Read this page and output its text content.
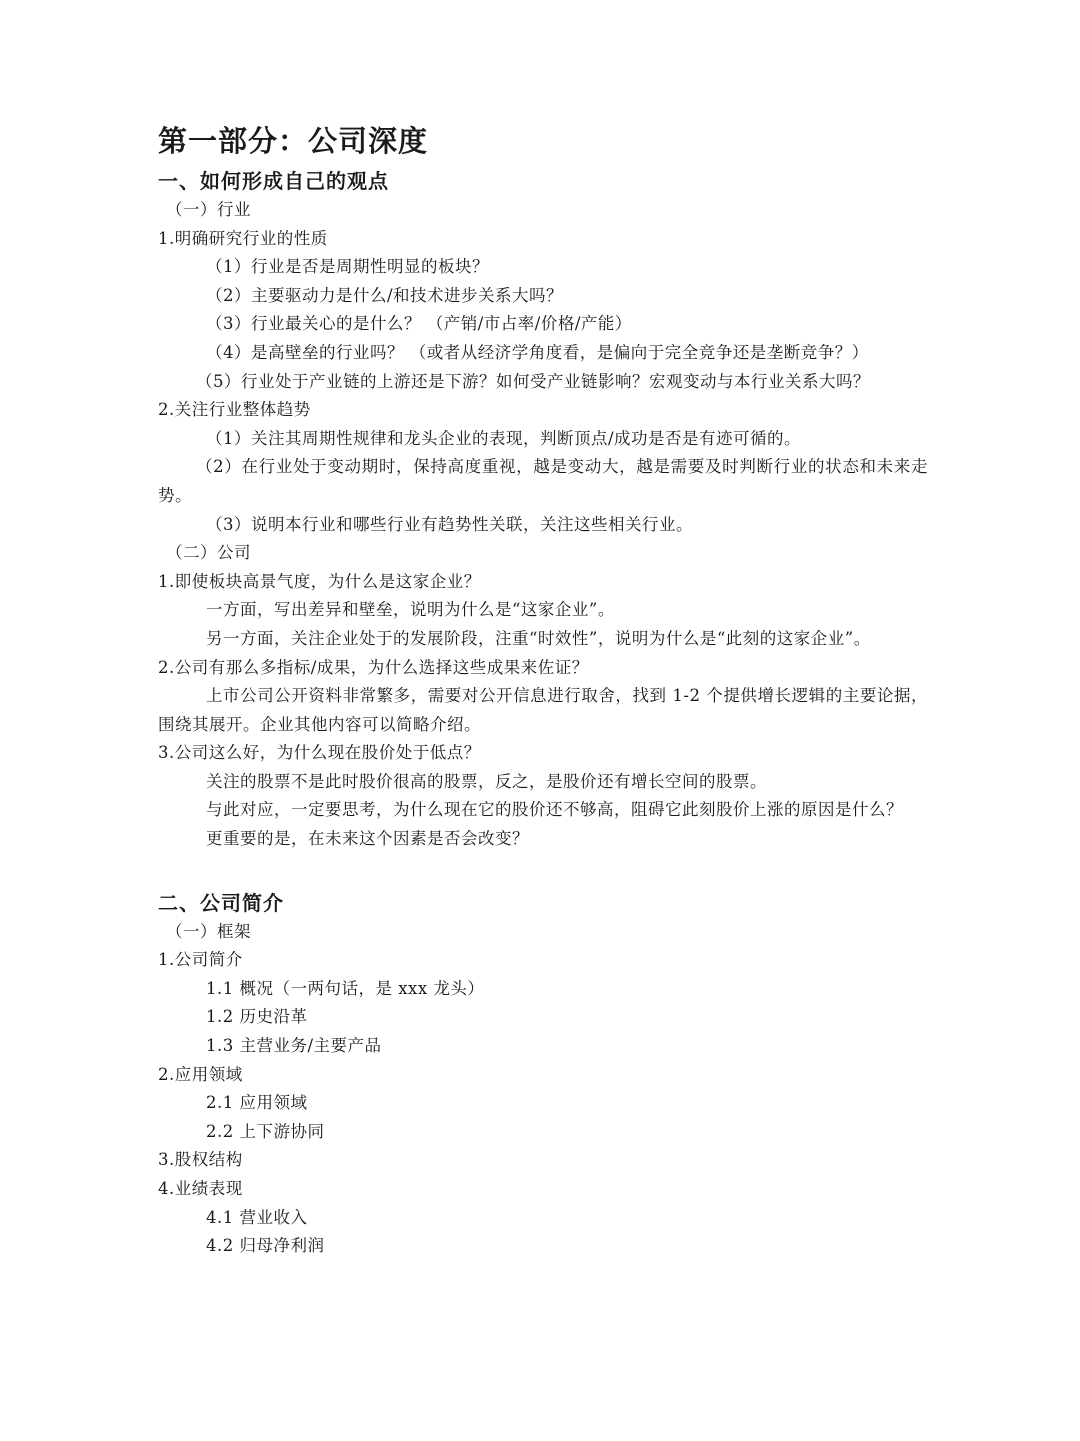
第一部分：公司深度
一、如何形成自己的观点
（一）行业
1.明确研究行业的性质
（1）行业是否是周期性明显的板块？
（2）主要驱动力是什么/和技术进步关系大吗？
（3）行业最关心的是什么？ （产销/市占率/价格/产能）
（4）是高壁垒的行业吗？ （或者从经济学角度看，是偏向于完全竞争还是垄断竞争？）
（5）行业处于产业链的上游还是下游？如何受产业链影响？宏观变动与本行业关系大吗？
2.关注行业整体趋势
（1）关注其周期性规律和龙头企业的表现，判断顶点/成功是否是有迹可循的。
（2）在行业处于变动期时，保持高度重视，越是变动大，越是需要及时判断行业的状态和未来走势。
（3）说明本行业和哪些行业有趋势性关联，关注这些相关行业。
（二）公司
1.即使板块高景气度，为什么是这家企业？
一方面，写出差异和壁垒，说明为什么是“这家企业”。
另一方面，关注企业处于的发展阶段，注重“时效性”，说明为什么是“此刻的这家企业”。
2.公司有那么多指标/成果，为什么选择这些成果来佐证？
上市公司公开资料非常繁多，需要对公开信息进行取舍，找到 1-2 个提供增长逻辑的主要论据，围绕其展开。企业其他内容可以简略介绍。
3.公司这么好，为什么现在股价处于低点？
关注的股票不是此时股价很高的股票，反之，是股价还有增长空间的股票。
与此对应，一定要思考，为什么现在它的股价还不够高，阻碍它此刻股价上涨的原因是什么？
更重要的是，在未来这个因素是否会改变？
二、公司简介
（一）框架
1.公司简介
1.1 概况（一两句话，是 xxx 龙头）
1.2 历史沿革
1.3 主营业务/主要产品
2.应用领域
2.1 应用领域
2.2 上下游协同
3.股权结构
4.业绩表现
4.1 营业收入
4.2 归母净利润
